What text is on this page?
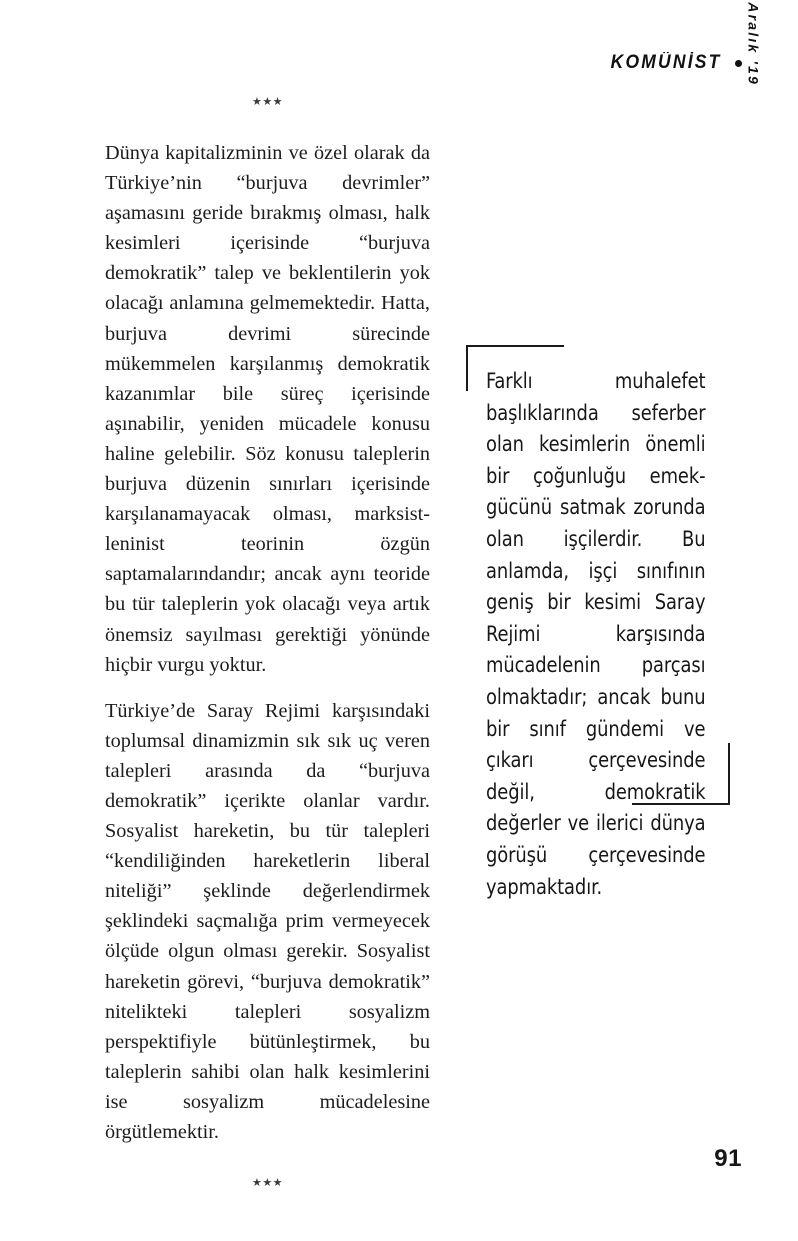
KOMÜNİST Aralık '19
★★★

Dünya kapitalizminin ve özel olarak da Türkiye’nin “burjuva devrimler” aşamasını geride bırakmış olması, halk kesimleri içerisinde “burjuva demokratik” talep ve beklentilerin yok olacağı anlamına gelmemektedir. Hatta, burjuva devrimi sürecinde mükemmelen karşılanmış demokratik kazanımlar bile süreç içerisinde aşınabilir, yeniden mücadele konusu haline gelebilir. Söz konusu taleplerin burjuva düzenin sınırları içerisinde karşılanamayacak olması, marksist-leninist teorinin özgün saptamalarındandır; ancak aynı teoride bu tür taleplerin yok olacağı veya artık önemsiz sayılması gerektiği yönünde hiçbir vurgu yoktur.

Türkiye’de Saray Rejimi karşısındaki toplumsal dinamizmin sık sık uç veren talepleri arasında da “burjuva demokratik” içerikte olanlar vardır. Sosyalist hareketin, bu tür talepleri “kendiliğinden hareketlerin liberal niteliği” şeklinde değerlendirmek şeklindeki saçmalığa prim vermeyecek ölçüde olgun olması gerekir. Sosyalist hareketin görevi, “burjuva demokratik” nitelikteki talepleri sosyalizm perspektifiyle bütünleştirmek, bu taleplerin sahibi olan halk kesimlerini ise sosyalizm mücadelesine örgütlemektir.

★★★

Farklı muhalefet başlıklarında seferber olan kesimlerin önemli bir çoğunluğu emek-gücünü satmak zorunda olan işçilerdir. Bu anlamda, işçi sınıfının geniş bir kesimi Saray Rejimi karşısında mücadelenin parçası olmaktadır; ancak bunu bir sınıf gündemi ve çıkarı çerçevesinde değil, demokratik değerler ve ilerici dünya görüşü çerçevesinde yapmaktadır.

91
